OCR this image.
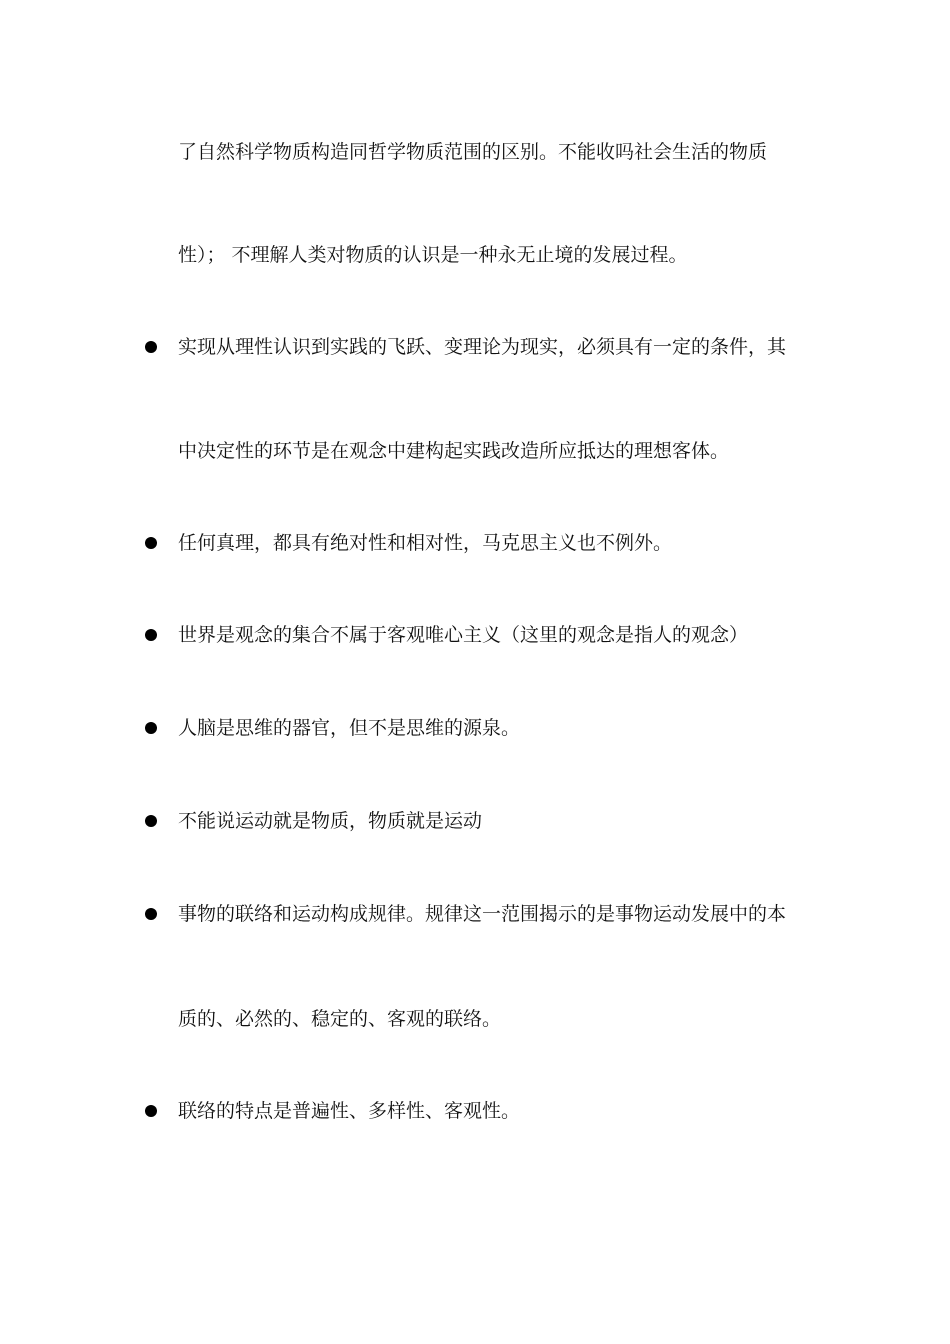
了自然科学物质构造同哲学物质范围的区别。不能收吗社会生活的物质
性）； 不理解人类对物质的认识是一种永无止境的发展过程。
实现从理性认识到实践的飞跃、变理论为现实，必须具有一定的条件，其
中决定性的环节是在观念中建构起实践改造所应抵达的理想客体。
任何真理，都具有绝对性和相对性，马克思主义也不例外。
世界是观念的集合不属于客观唯心主义（这里的观念是指人的观念）
人脑是思维的器官，但不是思维的源泉。
不能说运动就是物质，物质就是运动
事物的联络和运动构成规律。规律这一范围揭示的是事物运动发展中的本
质的、必然的、稳定的、客观的联络。
联络的特点是普遍性、多样性、客观性。
